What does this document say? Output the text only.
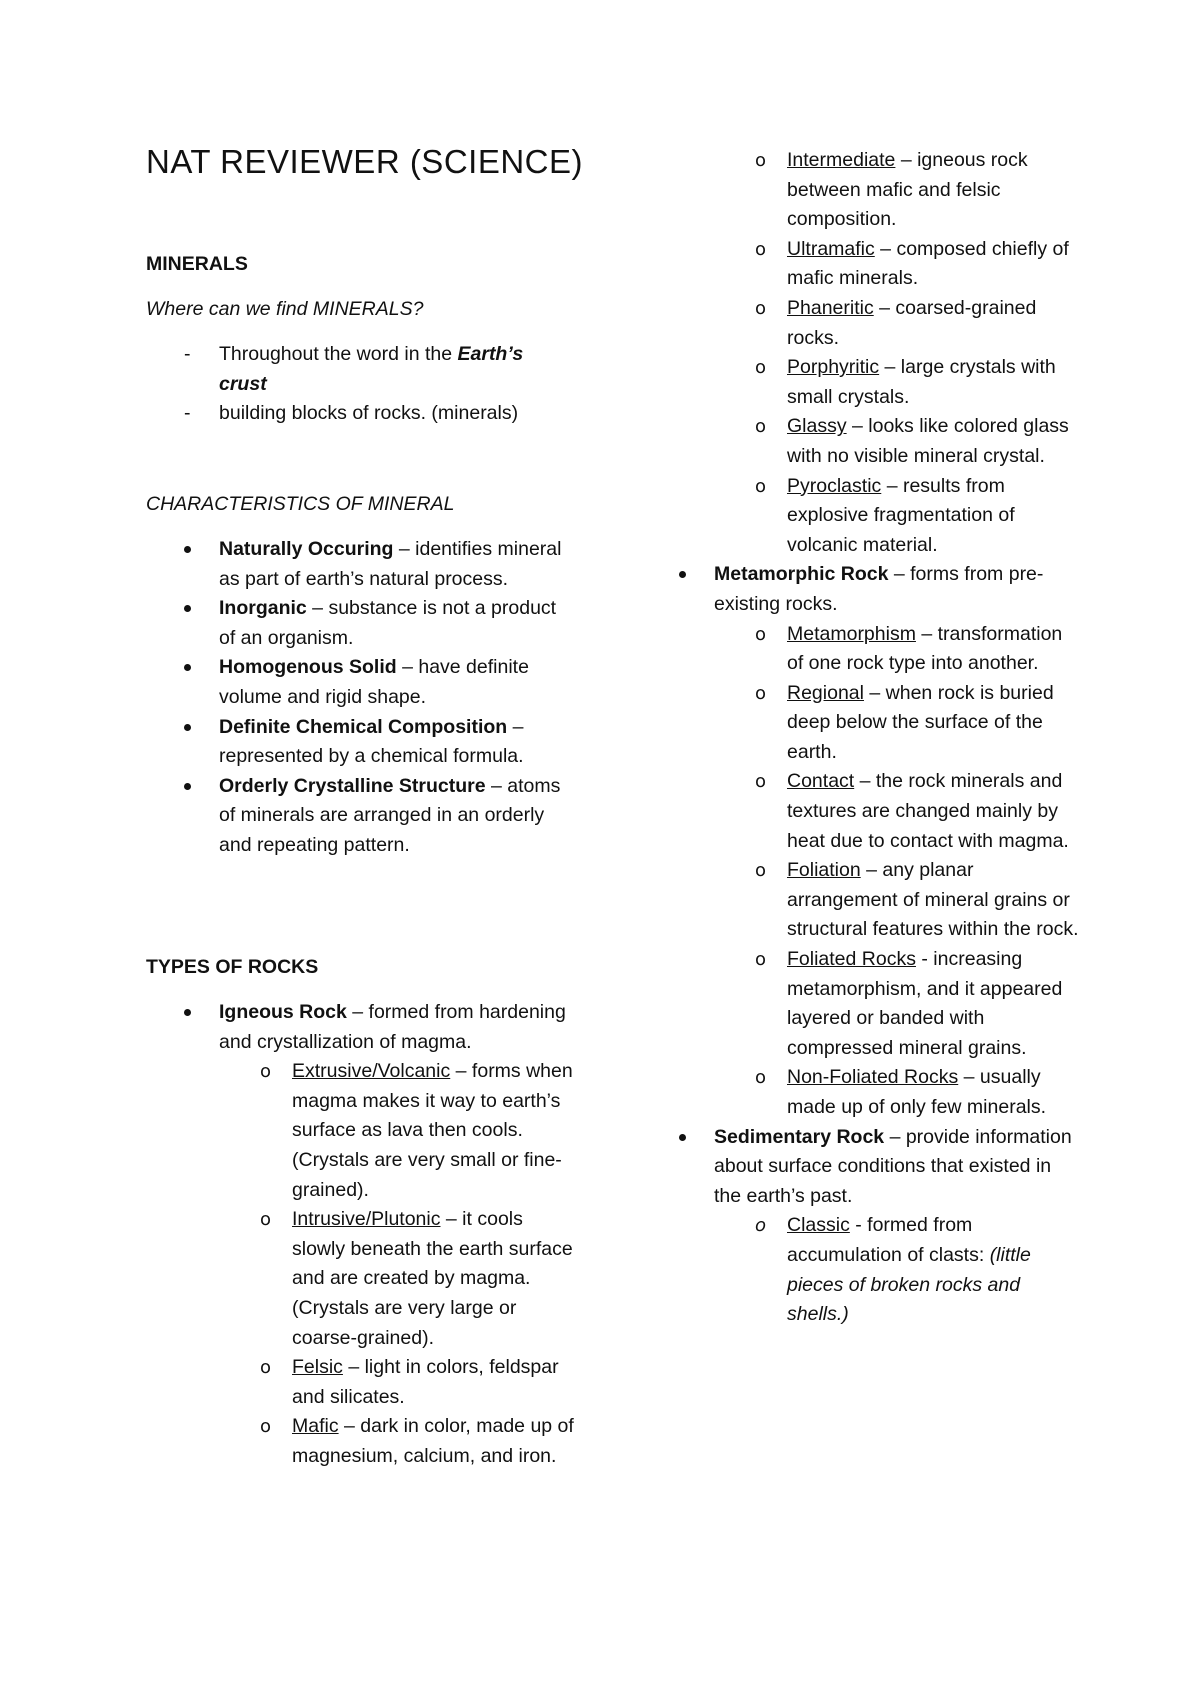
NAT REVIEWER (SCIENCE)
MINERALS
Where can we find MINERALS?
- Throughout the word in the Earth’s crust
- building blocks of rocks. (minerals)
CHARACTERISTICS OF MINERAL
Naturally Occuring – identifies mineral as part of earth’s natural process.
Inorganic – substance is not a product of an organism.
Homogenous Solid – have definite volume and rigid shape.
Definite Chemical Composition – represented by a chemical formula.
Orderly Crystalline Structure – atoms of minerals are arranged in an orderly and repeating pattern.
TYPES OF ROCKS
Igneous Rock – formed from hardening and crystallization of magma.
o Extrusive/Volcanic – forms when magma makes it way to earth’s surface as lava then cools. (Crystals are very small or fine-grained).
o Intrusive/Plutonic – it cools slowly beneath the earth surface and are created by magma. (Crystals are very large or coarse-grained).
o Felsic – light in colors, feldspar and silicates.
o Mafic – dark in color, made up of magnesium, calcium, and iron.
o Intermediate – igneous rock between mafic and felsic composition.
o Ultramafic – composed chiefly of mafic minerals.
o Phaneritic – coarsed-grained rocks.
o Porphyritic – large crystals with small crystals.
o Glassy – looks like colored glass with no visible mineral crystal.
o Pyroclastic – results from explosive fragmentation of volcanic material.
Metamorphic Rock – forms from pre-existing rocks.
o Metamorphism – transformation of one rock type into another.
o Regional – when rock is buried deep below the surface of the earth.
o Contact – the rock minerals and textures are changed mainly by heat due to contact with magma.
o Foliation – any planar arrangement of mineral grains or structural features within the rock.
o Foliated Rocks - increasing metamorphism, and it appeared layered or banded with compressed mineral grains.
o Non-Foliated Rocks – usually made up of only few minerals.
Sedimentary Rock – provide information about surface conditions that existed in the earth’s past.
o Classic - formed from accumulation of clasts: (little pieces of broken rocks and shells.)
